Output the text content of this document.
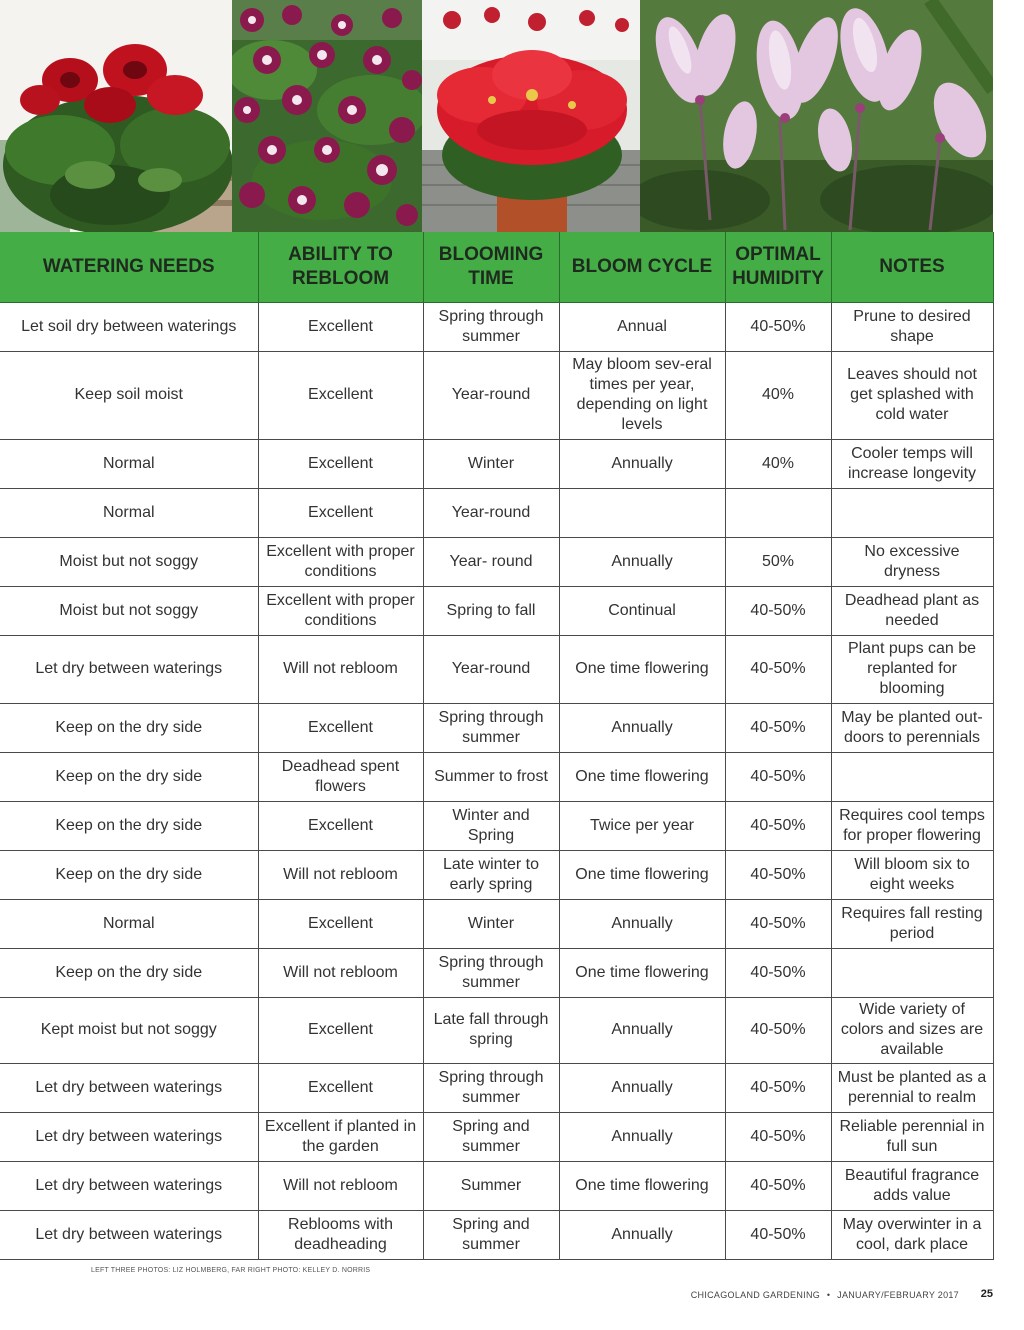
WATERING NEEDS	ABILITY TO REBLOOM	BLOOMING TIME	BLOOM CYCLE	OPTIMAL HUMIDITY	NOTES
Let soil dry between waterings	Excellent	Spring through summer	Annual	40-50%	Prune to desired shape
Keep soil moist	Excellent	Year-round	May bloom sev-eral times per year, depending on light levels	40%	Leaves should not get splashed with cold water
Normal	Excellent	Winter	Annually	40%	Cooler temps will increase longevity
Normal	Excellent	Year-round			
Moist but not soggy	Excellent with proper conditions	Year- round	Annually	50%	No excessive dryness
Moist but not soggy	Excellent with proper conditions	Spring to fall	Continual	40-50%	Deadhead plant as needed
Let dry between waterings	Will not rebloom	Year-round	One time flowering	40-50%	Plant pups can be replanted for blooming
Keep on the dry side	Excellent	Spring through summer	Annually	40-50%	May be planted out-doors to perennials
Keep on the dry side	Deadhead spent flowers	Summer to frost	One time flowering	40-50%	
Keep on the dry side	Excellent	Winter and Spring	Twice per year	40-50%	Requires cool temps for proper flowering
Keep on the dry side	Will not rebloom	Late winter to early spring	One time flowering	40-50%	Will bloom six to eight weeks
Normal	Excellent	Winter	Annually	40-50%	Requires fall resting period
Keep on the dry side	Will not rebloom	Spring through summer	One time flowering	40-50%	
Kept moist but not soggy	Excellent	Late fall through spring	Annually	40-50%	Wide variety of colors and sizes are available
Let dry between waterings	Excellent	Spring through summer	Annually	40-50%	Must be planted as a perennial to realm
Let dry between waterings	Excellent if planted in the garden	Spring and summer	Annually	40-50%	Reliable perennial in full sun
Let dry between waterings	Will not rebloom	Summer	One time flowering	40-50%	Beautiful fragrance adds value
Let dry between waterings	Reblooms with deadheading	Spring and summer	Annually	40-50%	May overwinter in a cool, dark place
LEFT THREE PHOTOS: LIZ HOLMBERG, FAR RIGHT PHOTO: KELLEY D. NORRIS
CHICAGOLAND GARDENING • JANUARY/FEBRUARY 2017 25
